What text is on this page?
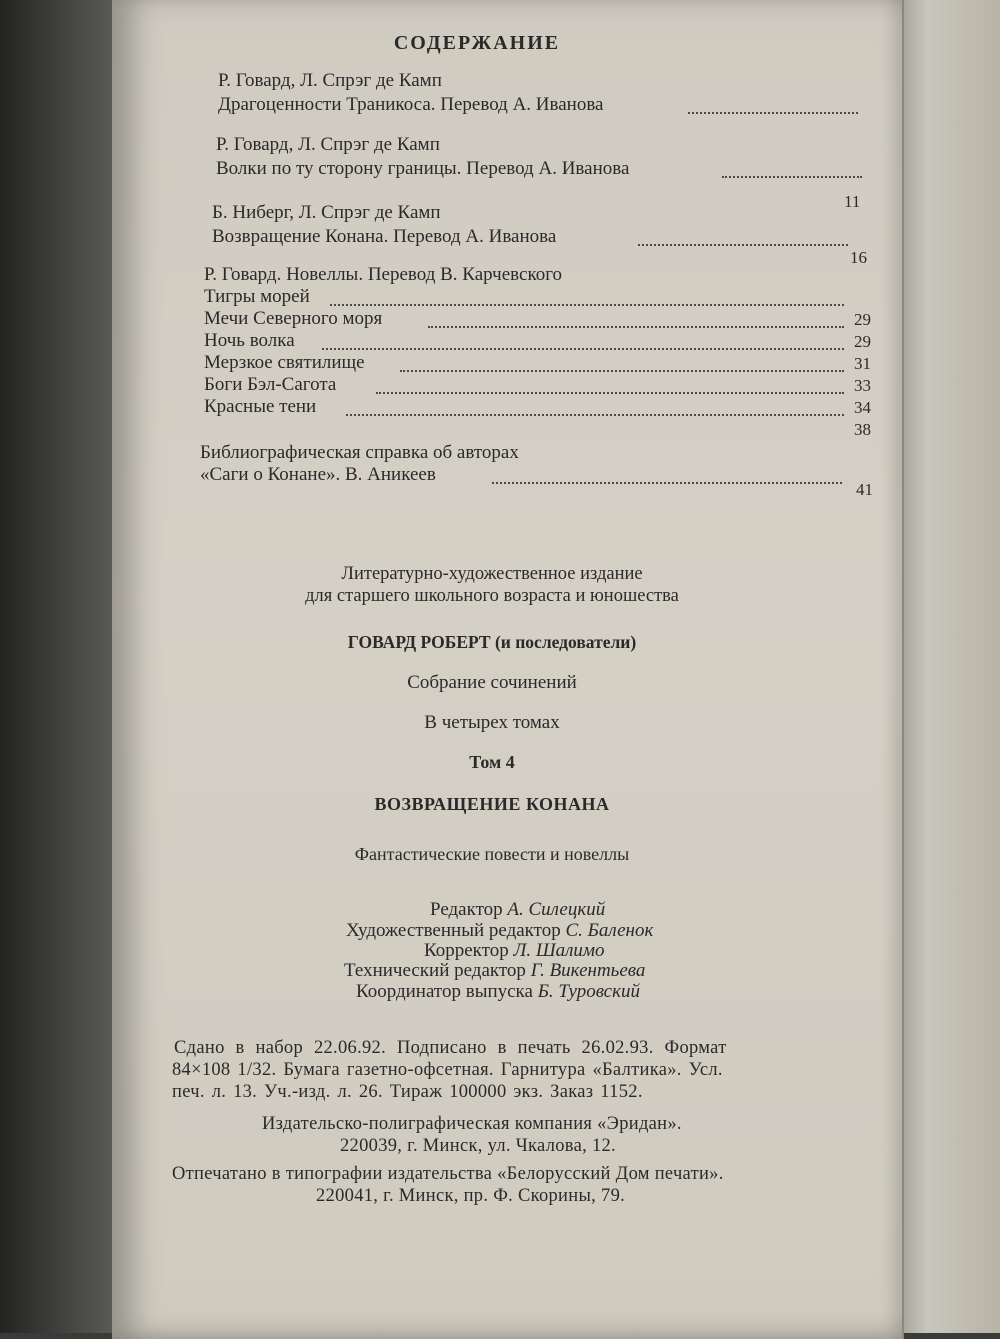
СОДЕРЖАНИЕ
Р. Говард, Л. Спрэг де Камп
Драгоценности Траникоса. Перевод А. Иванова
Р. Говард, Л. Спрэг де Камп
Волки по ту сторону границы. Перевод А. Иванова
11
Б. Ниберг, Л. Спрэг де Камп
Возвращение Конана. Перевод А. Иванова
16
Р. Говард. Новеллы. Перевод В. Карчевского
Тигры морей
29
Мечи Северного моря
29
Ночь волка
31
Мерзкое святилище
33
Боги Бэл-Сагота
34
Красные тени
38
Библиографическая справка об авторах
«Саги о Конане». В. Аникеев
41
Литературно-художественное издание
для старшего школьного возраста и юношества
ГОВАРД РОБЕРТ (и последователи)
Собрание сочинений
В четырех томах
Том 4
ВОЗВРАЩЕНИЕ КОНАНА
Фантастические повести и новеллы
Редактор А. Силецкий
Художественный редактор С. Баленок
Корректор Л. Шалимо
Технический редактор Г. Викентьева
Координатор выпуска Б. Туровский
Сдано в набор 22.06.92. Подписано в печать 26.02.93. Формат
84×108 1/32. Бумага газетно-офсетная. Гарнитура «Балтика». Усл.
печ. л. 13. Уч.-изд. л. 26. Тираж 100000 экз. Заказ 1152.
Издательско-полиграфическая компания «Эридан».
220039, г. Минск, ул. Чкалова, 12.
Отпечатано в типографии издательства «Белорусский Дом печати».
220041, г. Минск, пр. Ф. Скорины, 79.
